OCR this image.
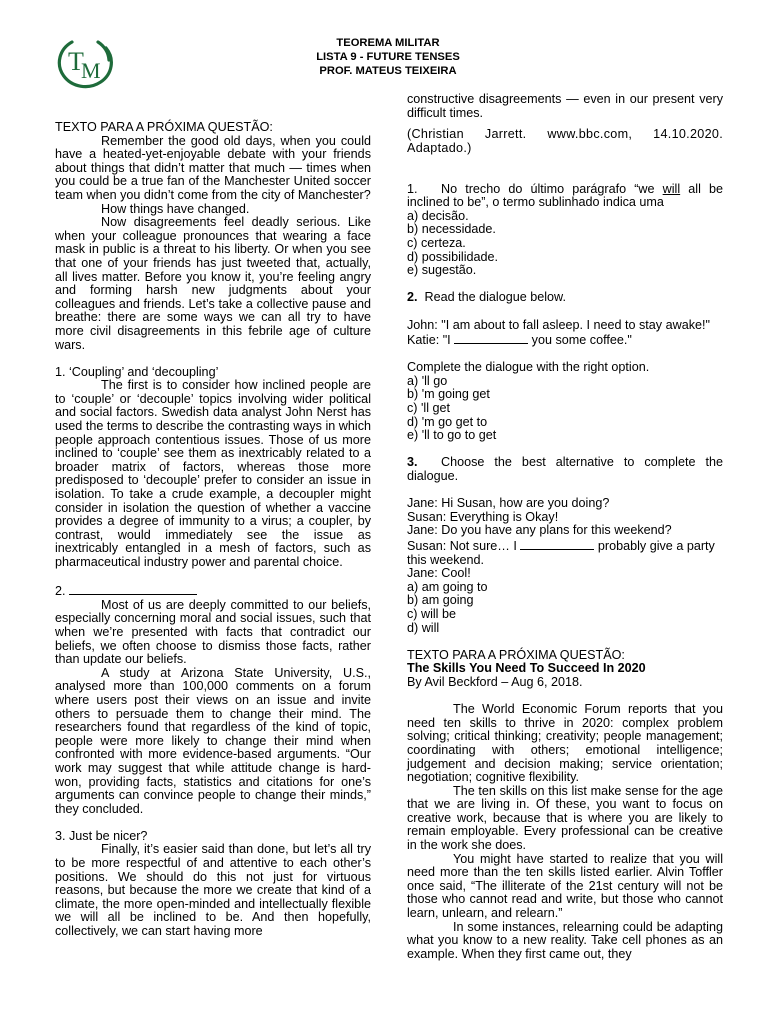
T
M
TEOREMA MILITAR
LISTA 9 - FUTURE TENSES
PROF. MATEUS TEIXEIRA

TEXTO PARA A PRÓXIMA QUESTÃO:

Remember the good old days, when you could have a heated-yet-enjoyable debate with your friends about things that didn’t matter that much — times when you could be a true fan of the Manchester United soccer team when you didn’t come from the city of Manchester?

How things have changed.

Now disagreements feel deadly serious. Like when your colleague pronounces that wearing a face mask in public is a threat to his liberty. Or when you see that one of your friends has just tweeted that, actually, all lives matter. Before you know it, you’re feeling angry and forming harsh new judgments about your colleagues and friends. Let’s take a collective pause and breathe: there are some ways we can all try to have more civil disagreements in this febrile age of culture wars.

1. ‘Coupling’ and ‘decoupling’

The first is to consider how inclined people are to ‘couple’ or ‘decouple’ topics involving wider political and social factors. Swedish data analyst John Nerst has used the terms to describe the contrasting ways in which people approach contentious issues. Those of us more inclined to ‘couple’ see them as inextricably related to a broader matrix of factors, whereas those more predisposed to ‘decouple’ prefer to consider an issue in isolation. To take a crude example, a decoupler might consider in isolation the question of whether a vaccine provides a degree of immunity to a virus; a coupler, by contrast, would immediately see the issue as inextricably entangled in a mesh of factors, such as pharmaceutical industry power and parental choice.

2.

Most of us are deeply committed to our beliefs, especially concerning moral and social issues, such that when we’re presented with facts that contradict our beliefs, we often choose to dismiss those facts, rather than update our beliefs.

A study at Arizona State University, U.S., analysed more than 100,000 comments on a forum where users post their views on an issue and invite others to persuade them to change their mind. The researchers found that regardless of the kind of topic, people were more likely to change their mind when confronted with more evidence-based arguments. “Our work may suggest that while attitude change is hard-won, providing facts, statistics and citations for one’s arguments can convince people to change their minds,” they concluded.

3. Just be nicer?

Finally, it’s easier said than done, but let’s all try to be more respectful of and attentive to each other’s positions. We should do this not just for virtuous reasons, but because the more we create that kind of a climate, the more open-minded and intellectually flexible we will all be inclined to be. And then hopefully, collectively, we can start having more

constructive disagreements — even in our present very difficult times.

(Christian Jarrett. www.bbc.com, 14.10.2020. Adaptado.)

1. No trecho do último parágrafo “we will all be inclined to be”, o termo sublinhado indica uma

a) decisão.

b) necessidade.

c) certeza.

d) possibilidade.

e) sugestão.

2. Read the dialogue below.

John: "I am about to fall asleep. I need to stay awake!"

Katie: "I	you some coffee."

Complete the dialogue with the right option.

a) 'll go

b) 'm going get

c) 'll get

d) 'm go get to

e) 'll to go to get

3. Choose the best alternative to complete the dialogue.

Jane: Hi Susan, how are you doing?

Susan: Everything is Okay!

Jane: Do you have any plans for this weekend?

Susan: Not sure… I	probably give a party this weekend.

Jane: Cool!

a) am going to

b) am going

c) will be

d) will

TEXTO PARA A PRÓXIMA QUESTÃO:

The Skills You Need To Succeed In 2020

By Avil Beckford – Aug 6, 2018.

The World Economic Forum reports that you need ten skills to thrive in 2020: complex problem solving; critical thinking; creativity; people management; coordinating with others; emotional intelligence; judgement and decision making; service orientation; negotiation; cognitive flexibility.

The ten skills on this list make sense for the age that we are living in. Of these, you want to focus on creative work, because that is where you are likely to remain employable. Every professional can be creative in the work she does.

You might have started to realize that you will need more than the ten skills listed earlier. Alvin Toffler once said, “The illiterate of the 21st century will not be those who cannot read and write, but those who cannot learn, unlearn, and relearn.”

In some instances, relearning could be adapting what you know to a new reality. Take cell phones as an example. When they first came out, they
